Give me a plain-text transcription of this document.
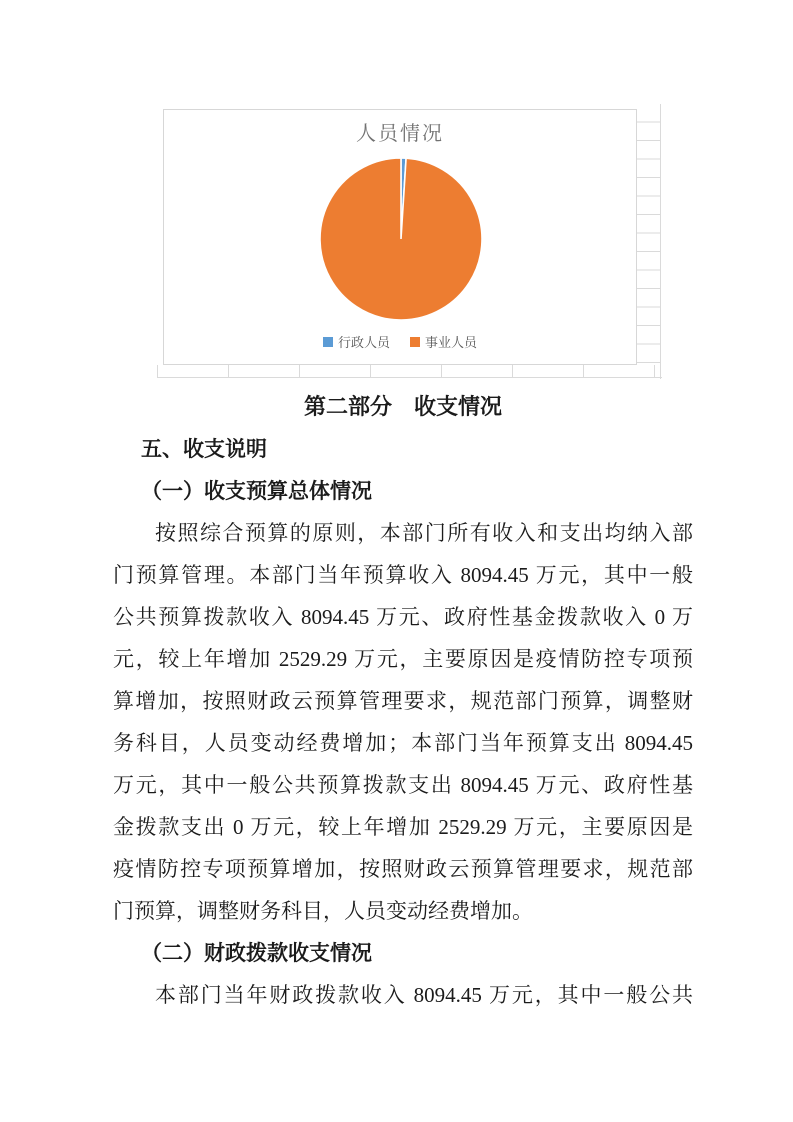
人员情况
行政人员	事业人员
第二部分　收支情况
五、收支说明
（一）收支预算总体情况
按照综合预算的原则，本部门所有收入和支出均纳入部
门预算管理。本部门当年预算收入 8094.45 万元，其中一般
公共预算拨款收入 8094.45 万元、政府性基金拨款收入 0 万
元，较上年增加 2529.29 万元，主要原因是疫情防控专项预
算增加，按照财政云预算管理要求，规范部门预算，调整财
务科目，人员变动经费增加；本部门当年预算支出 8094.45
万元，其中一般公共预算拨款支出 8094.45 万元、政府性基
金拨款支出 0 万元，较上年增加 2529.29 万元，主要原因是
疫情防控专项预算增加，按照财政云预算管理要求，规范部
门预算，调整财务科目，人员变动经费增加。
（二）财政拨款收支情况
本部门当年财政拨款收入 8094.45 万元，其中一般公共
